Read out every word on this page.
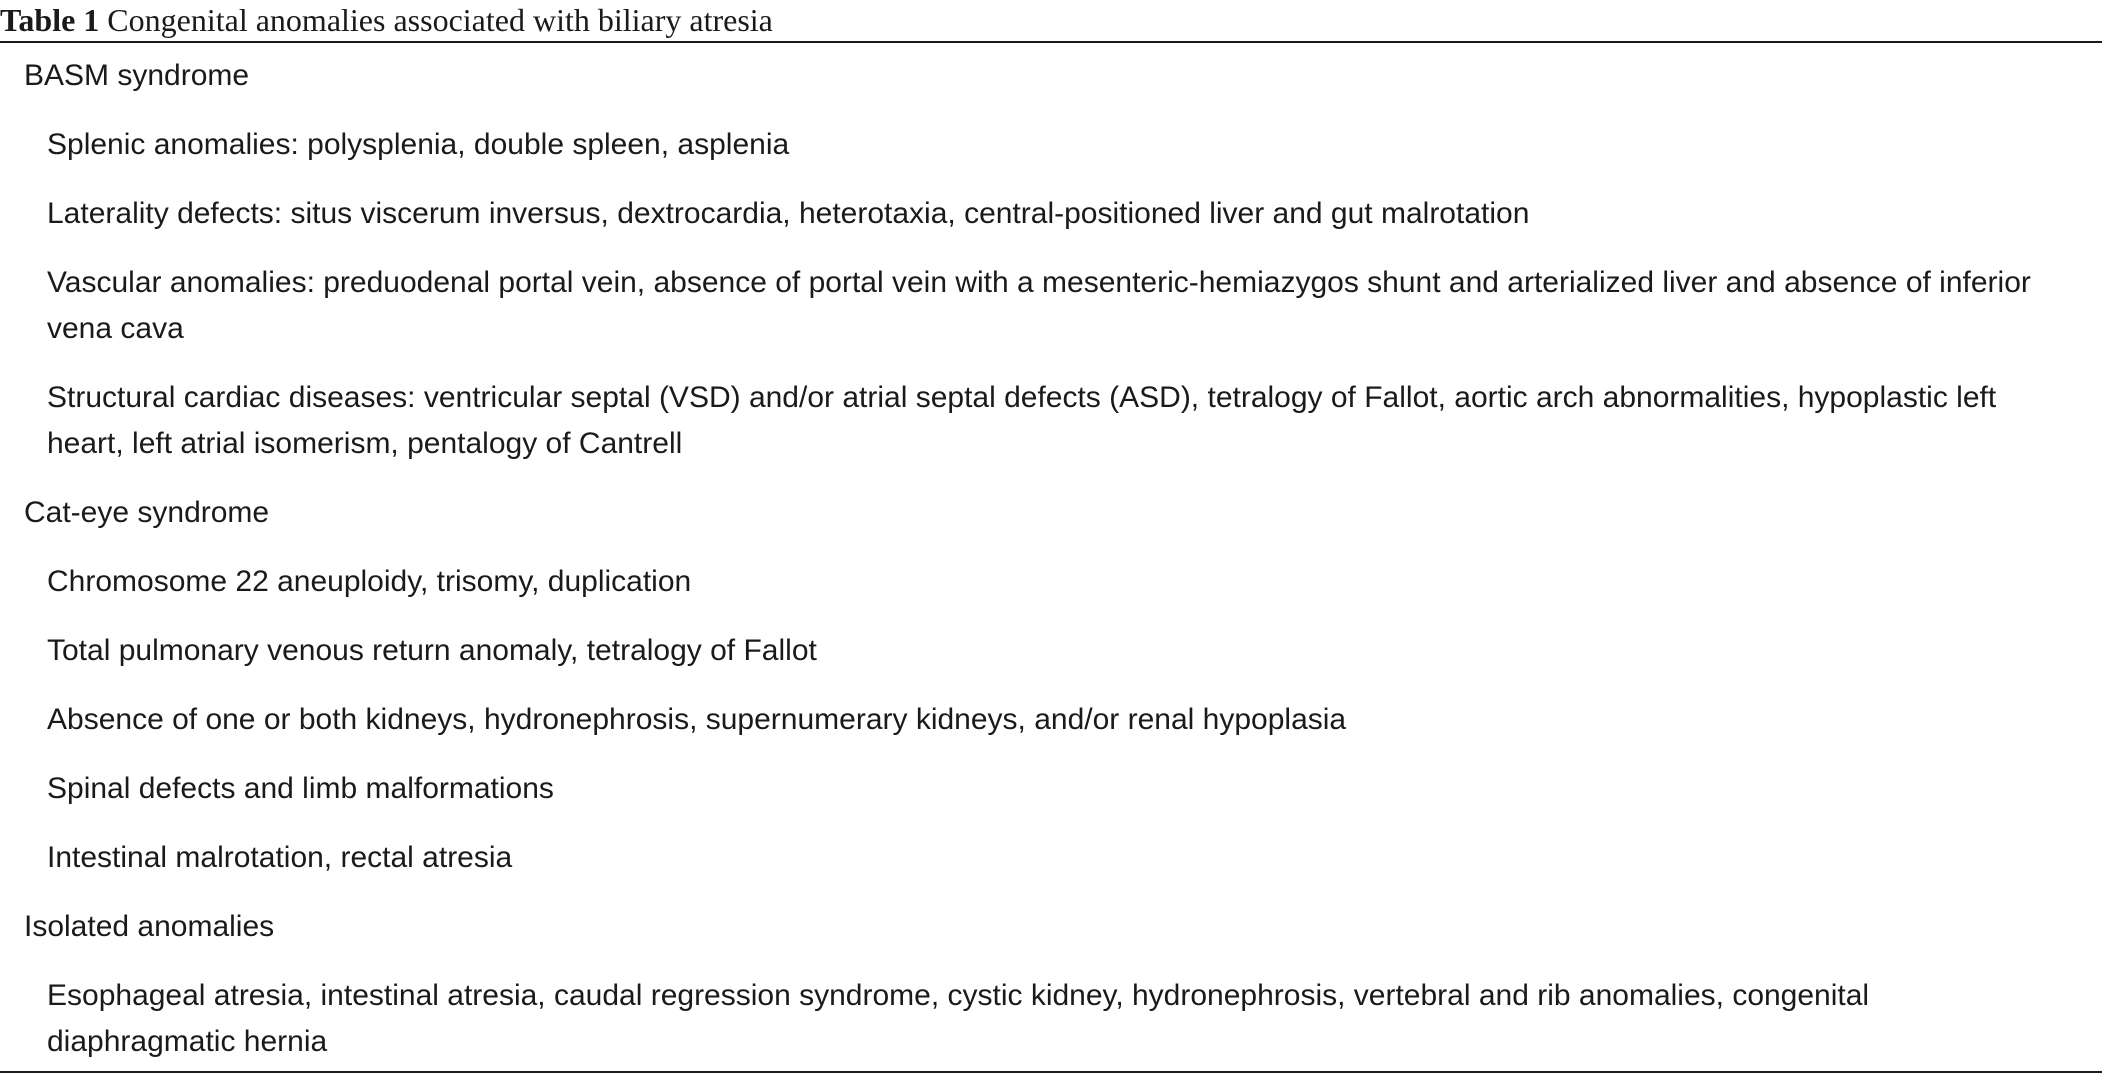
Table 1 Congenital anomalies associated with biliary atresia
BASM syndrome
Splenic anomalies: polysplenia, double spleen, asplenia
Laterality defects: situs viscerum inversus, dextrocardia, heterotaxia, central-positioned liver and gut malrotation
Vascular anomalies: preduodenal portal vein, absence of portal vein with a mesenteric-hemiazygos shunt and arterialized liver and absence of inferior vena cava
Structural cardiac diseases: ventricular septal (VSD) and/or atrial septal defects (ASD), tetralogy of Fallot, aortic arch abnormalities, hypoplastic left heart, left atrial isomerism, pentalogy of Cantrell
Cat-eye syndrome
Chromosome 22 aneuploidy, trisomy, duplication
Total pulmonary venous return anomaly, tetralogy of Fallot
Absence of one or both kidneys, hydronephrosis, supernumerary kidneys, and/or renal hypoplasia
Spinal defects and limb malformations
Intestinal malrotation, rectal atresia
Isolated anomalies
Esophageal atresia, intestinal atresia, caudal regression syndrome, cystic kidney, hydronephrosis, vertebral and rib anomalies, congenital diaphragmatic hernia
